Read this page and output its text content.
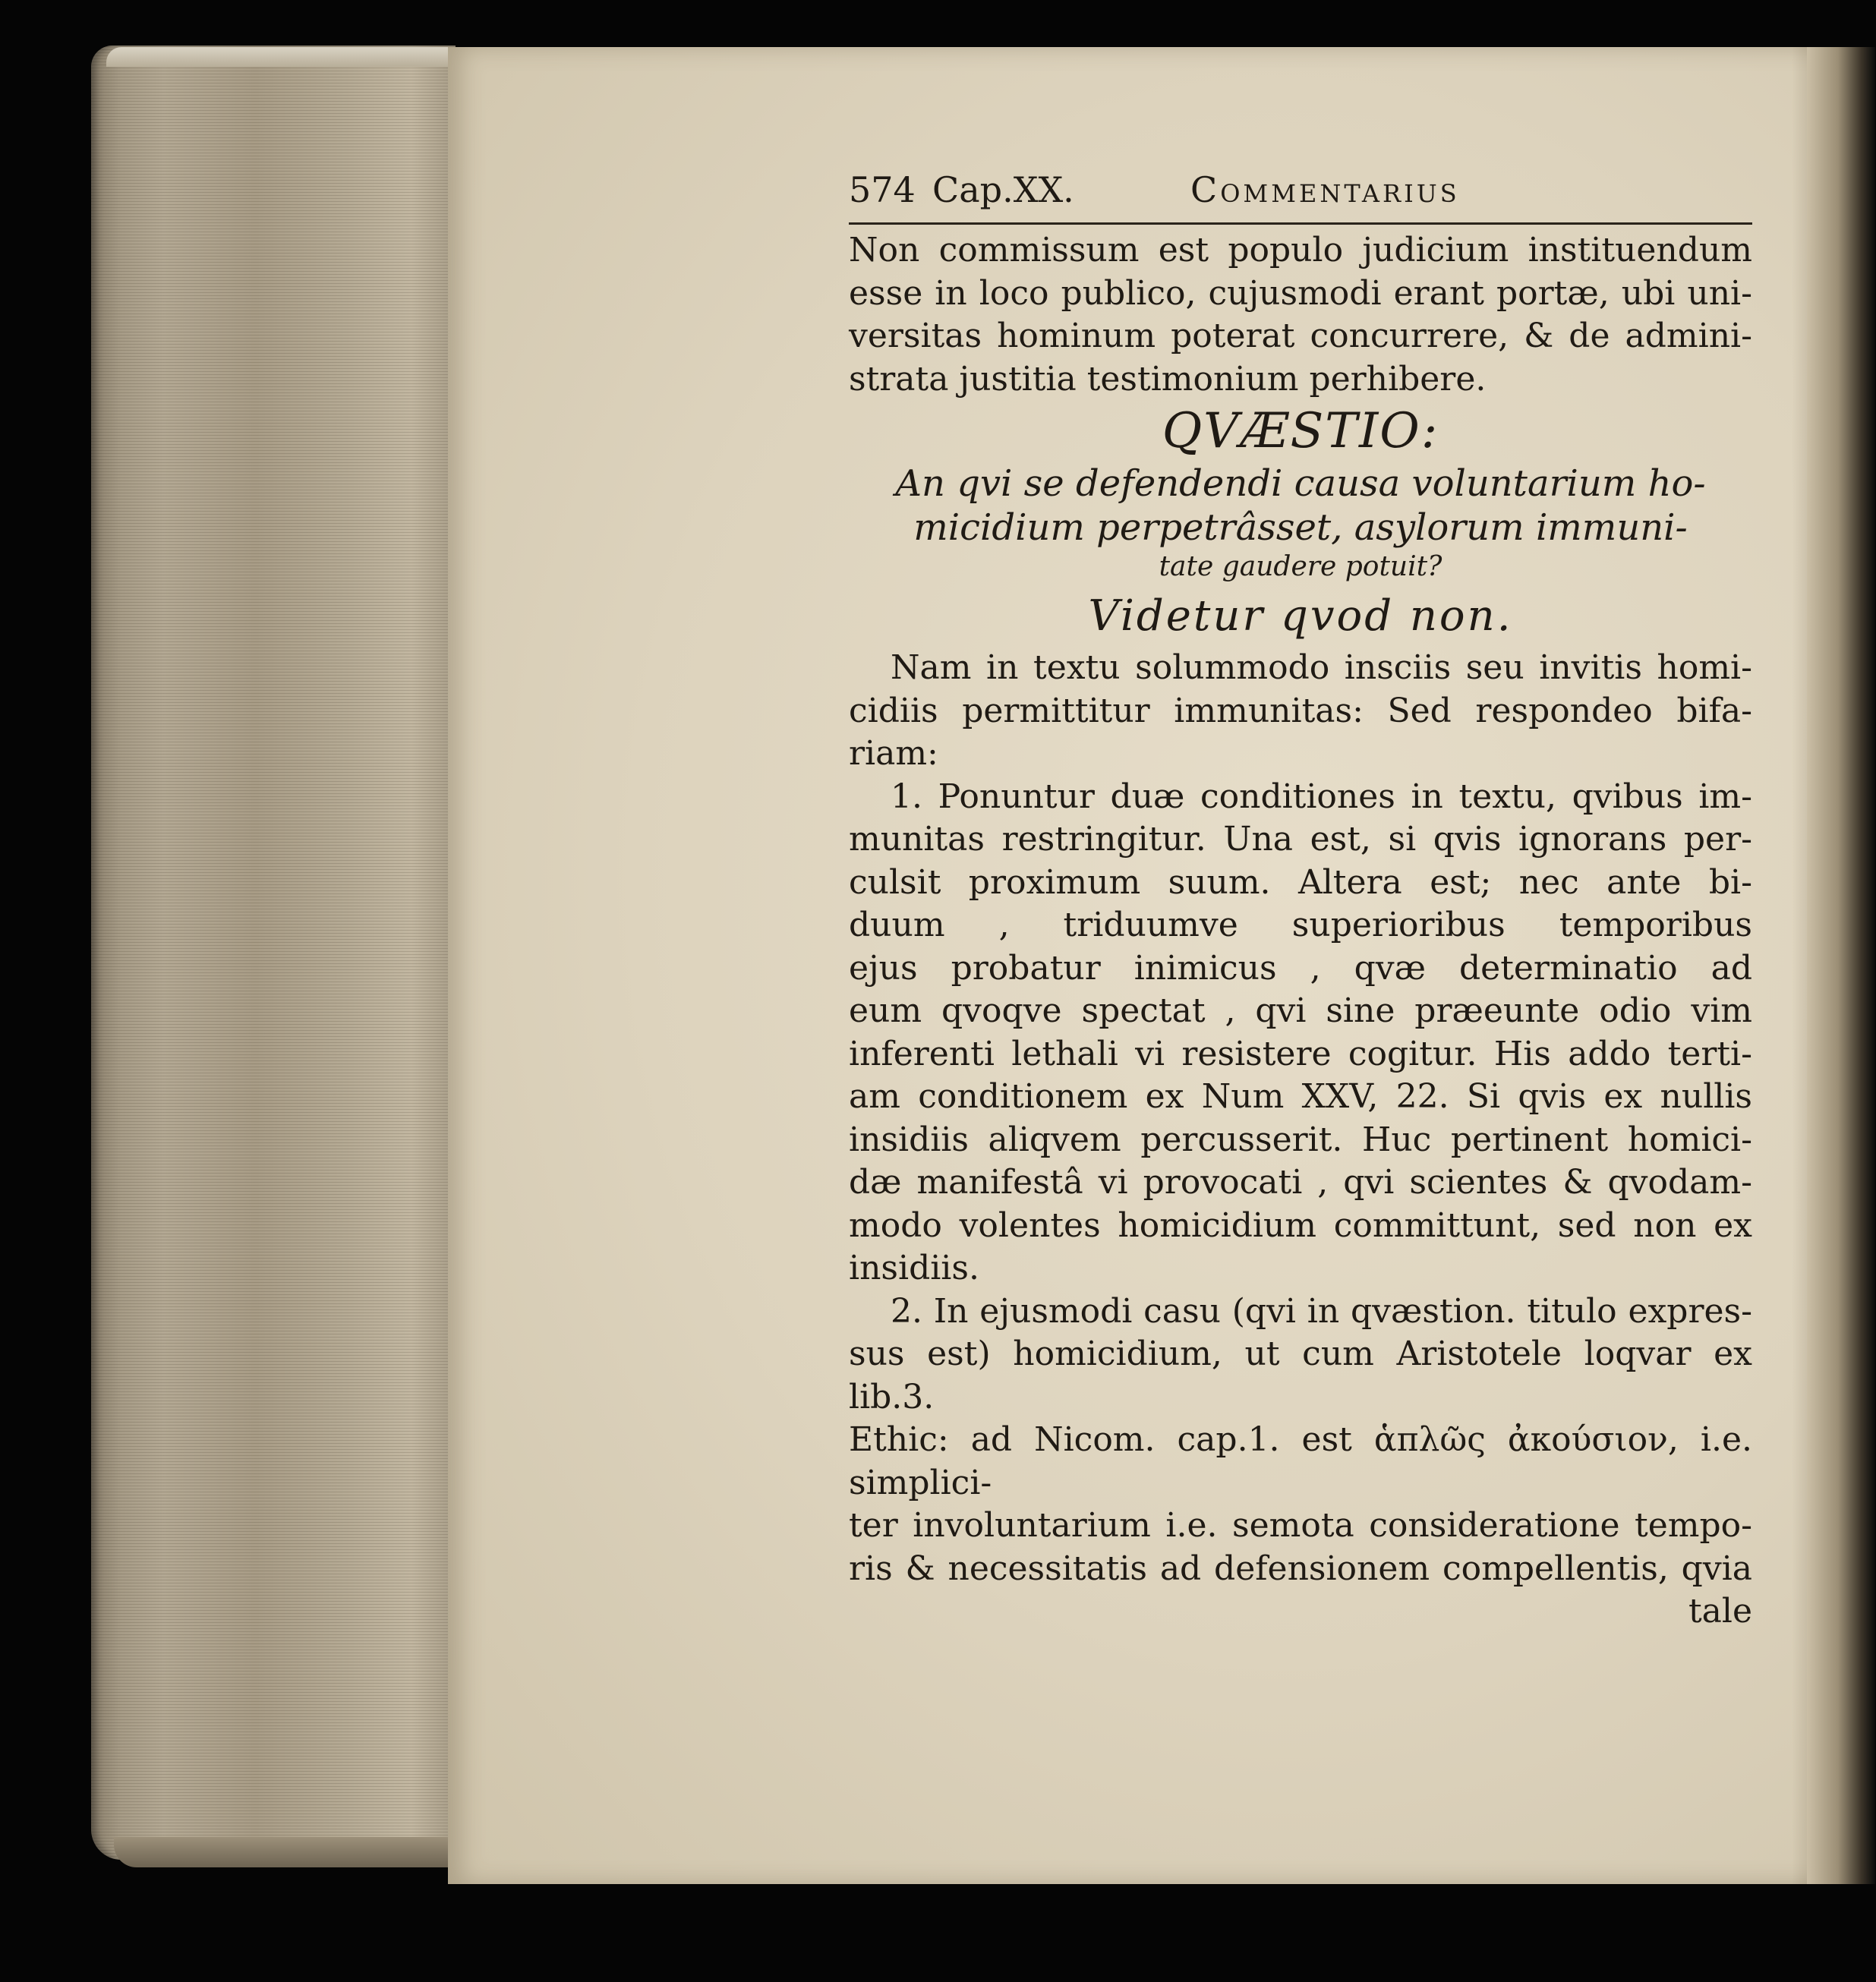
574 Cap.XX.	Commentarius

Non commissum est populo judicium instituendum

esse in loco publico, cujusmodi erant portæ, ubi uni-

versitas hominum poterat concurrere, & de admini-

strata justitia testimonium perhibere.

QVÆSTIO:

An qvi se defendendi causa voluntarium ho-

micidium perpetrâsset, asylorum immuni-

tate gaudere potuit?

Videtur qvod non.

Nam in textu solummodo insciis seu invitis homi-

cidiis permittitur immunitas: Sed respondeo bifa-

riam:

1. Ponuntur duæ conditiones in textu, qvibus im-

munitas restringitur. Una est, si qvis ignorans per-

culsit proximum suum. Altera est; nec ante bi-

duum , triduumve superioribus temporibus

ejus probatur inimicus , qvæ determinatio ad

eum qvoqve spectat , qvi sine præeunte odio vim

inferenti lethali vi resistere cogitur. His addo terti-

am conditionem ex Num XXV, 22. Si qvis ex nullis

insidiis aliqvem percusserit. Huc pertinent homici-

dæ manifestâ vi provocati , qvi scientes & qvodam-

modo volentes homicidium committunt, sed non ex

insidiis.

2. In ejusmodi casu (qvi in qvæstion. titulo expres-

sus est) homicidium, ut cum Aristotele loqvar ex lib.3.

Ethic: ad Nicom. cap.1. est ἁπλῶς ἀκούσιον, i.e. simplici-

ter involuntarium i.e. semota consideratione tempo-

ris & necessitatis ad defensionem compellentis, qvia

tale
